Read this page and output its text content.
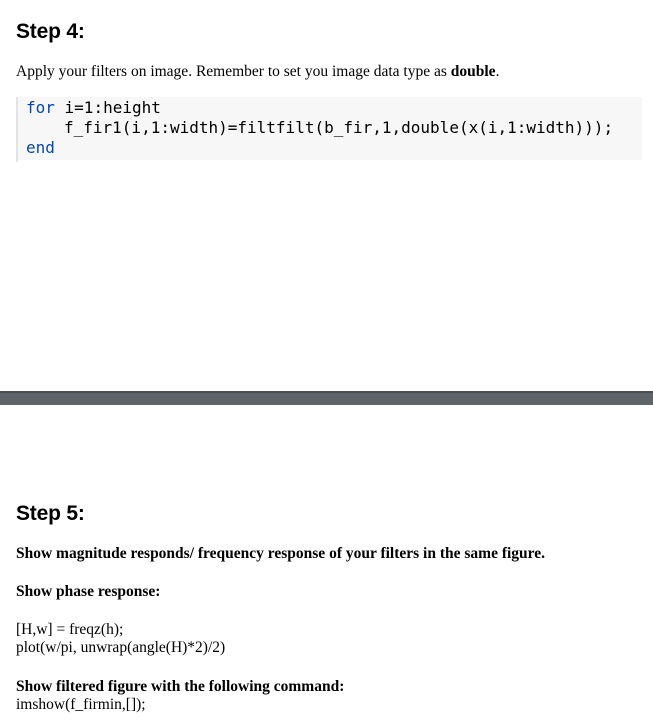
Step 4:

Apply your filters on image. Remember to set you image data type as double.

for i=1:height
f_fir1(i,1:width)=filtfilt(b_fir,1,double(x(i,1:width)));
end
Step 5:

Show magnitude responds/ frequency response of your filters in the same figure.

Show phase response:

[H,w] = freqz(h);

plot(w/pi, unwrap(angle(H)*2)/2)

Show filtered figure with the following command:

imshow(f_firmin,[]);
